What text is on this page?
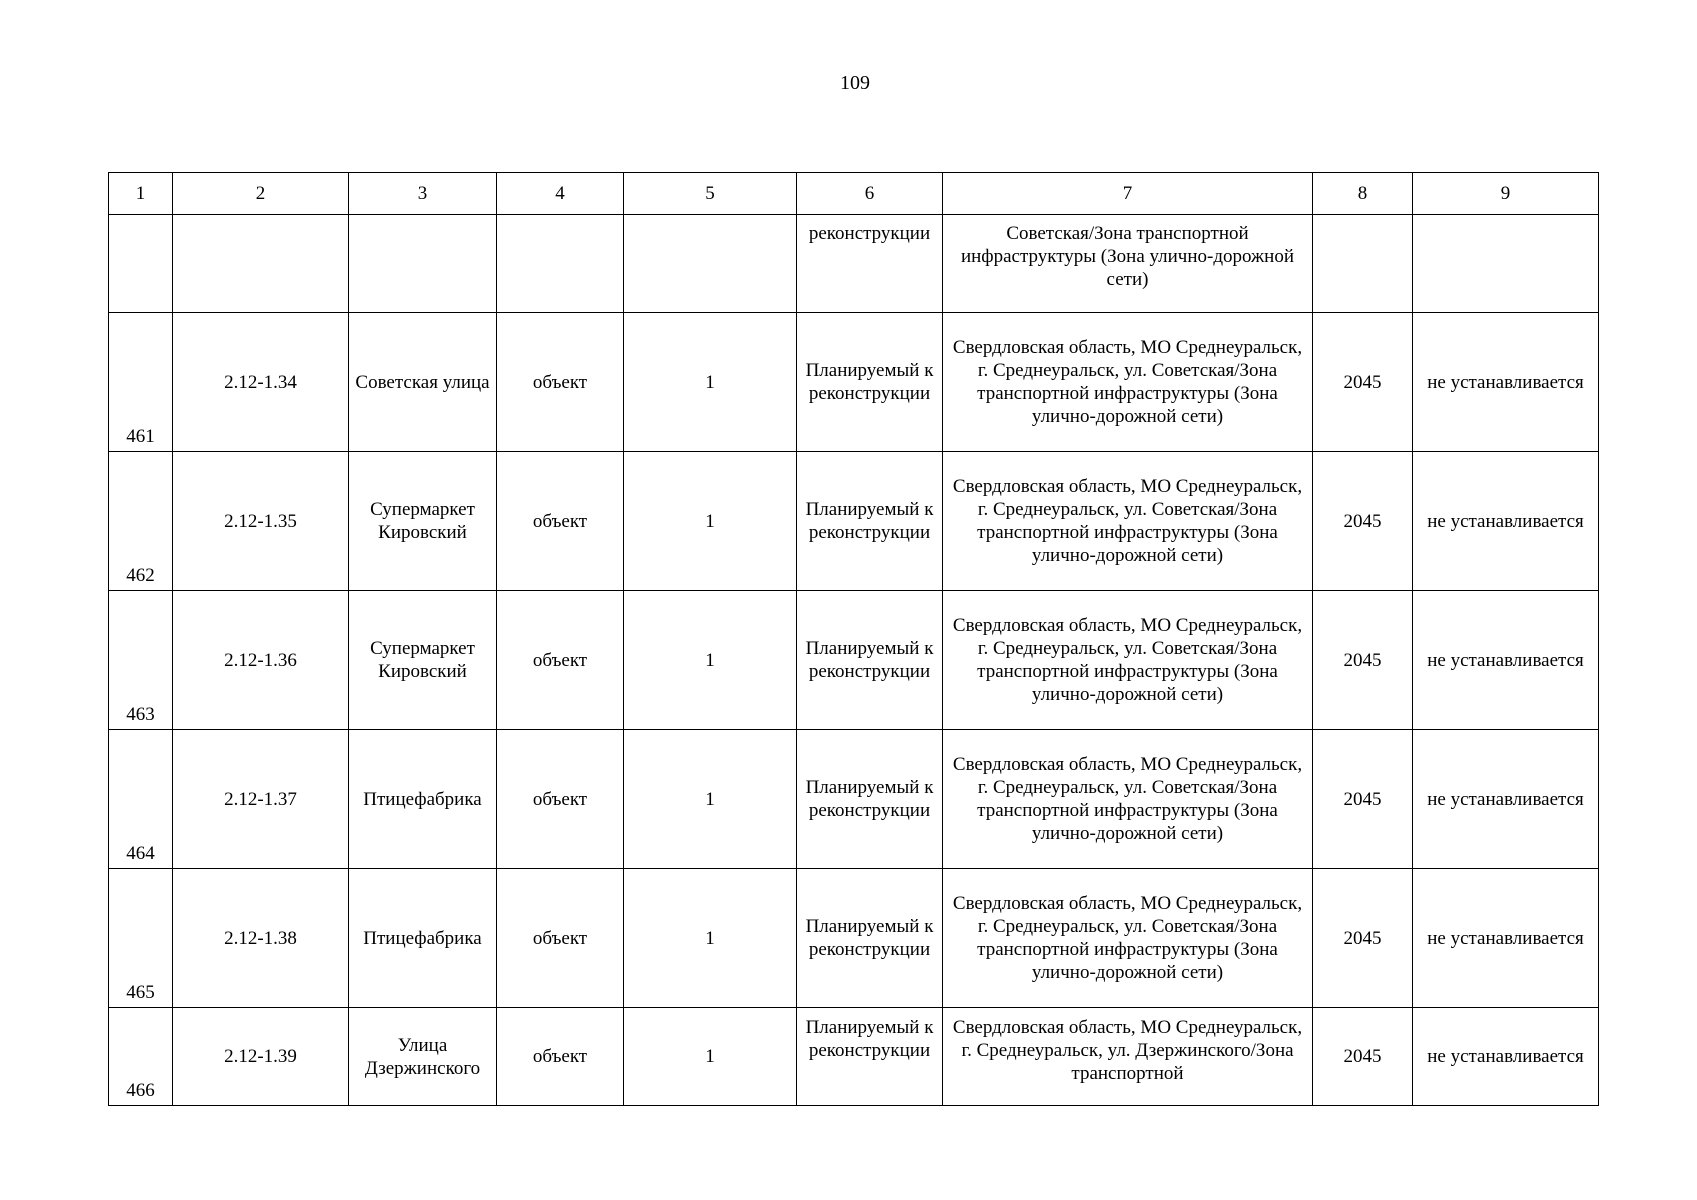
109
1	2	3	4	5	6	7	8	9
					реконструкции	Советская/Зона транспортной инфраструктуры (Зона улично-дорожной сети)		
461	2.12-1.34	Советская улица	объект	1	Планируемый к реконструкции	Свердловская область, МО Среднеуральск, г. Среднеуральск, ул. Советская/Зона транспортной инфраструктуры (Зона улично-дорожной сети)	2045	не устанавливается
462	2.12-1.35	Супермаркет Кировский	объект	1	Планируемый к реконструкции	Свердловская область, МО Среднеуральск, г. Среднеуральск, ул. Советская/Зона транспортной инфраструктуры (Зона улично-дорожной сети)	2045	не устанавливается
463	2.12-1.36	Супермаркет Кировский	объект	1	Планируемый к реконструкции	Свердловская область, МО Среднеуральск, г. Среднеуральск, ул. Советская/Зона транспортной инфраструктуры (Зона улично-дорожной сети)	2045	не устанавливается
464	2.12-1.37	Птицефабрика	объект	1	Планируемый к реконструкции	Свердловская область, МО Среднеуральск, г. Среднеуральск, ул. Советская/Зона транспортной инфраструктуры (Зона улично-дорожной сети)	2045	не устанавливается
465	2.12-1.38	Птицефабрика	объект	1	Планируемый к реконструкции	Свердловская область, МО Среднеуральск, г. Среднеуральск, ул. Советская/Зона транспортной инфраструктуры (Зона улично-дорожной сети)	2045	не устанавливается
466	2.12-1.39	Улица Дзержинского	объект	1	Планируемый к реконструкции	Свердловская область, МО Среднеуральск, г. Среднеуральск, ул. Дзержинского/Зона транспортной	2045	не устанавливается
